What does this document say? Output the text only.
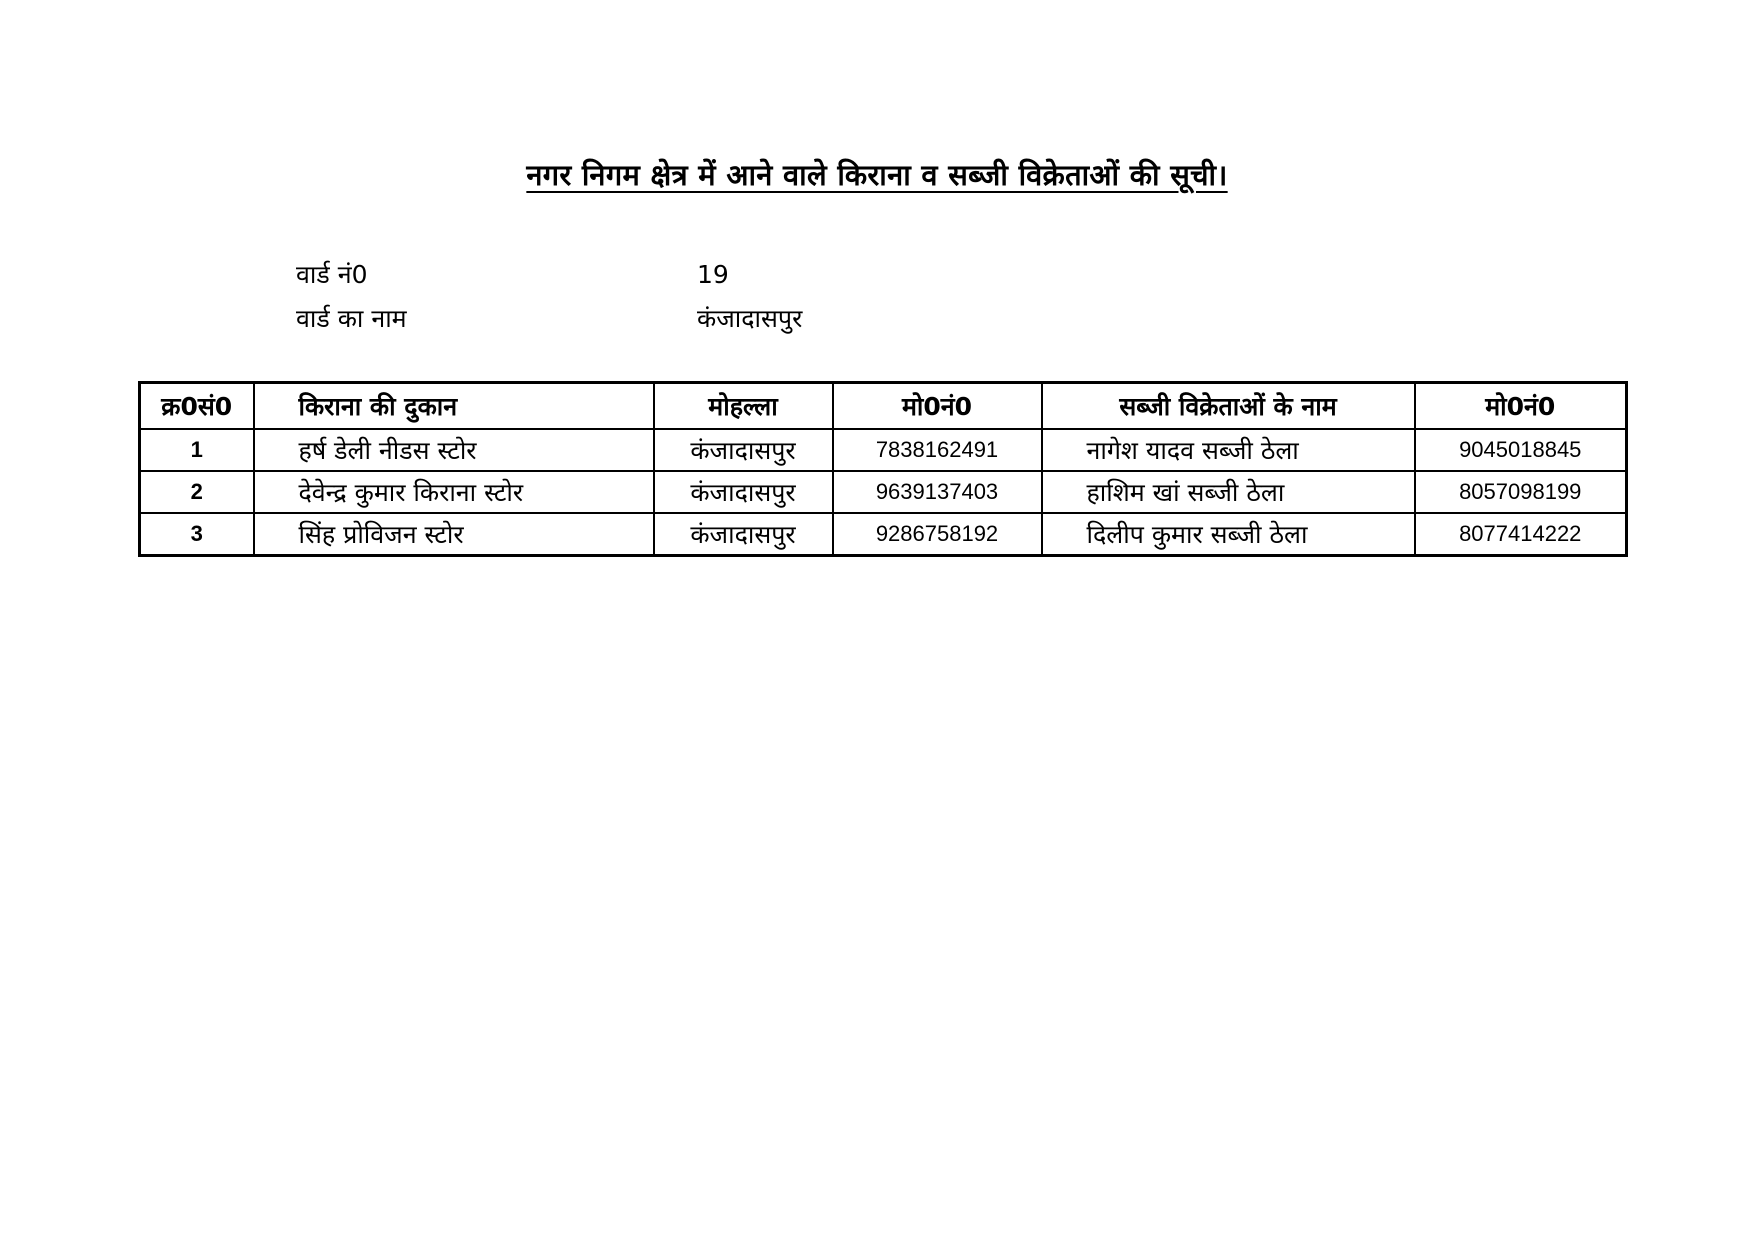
नगर निगम क्षेत्र में आने वाले किराना व सब्जी विक्रेताओं की सूची।
वार्ड नं0	19
वार्ड का नाम	कंजादासपुर
क्र0सं0	किराना की दुकान	मोहल्ला	मो0नं0	सब्जी विक्रेताओं के नाम	मो0नं0
1	हर्ष डेली नीडस स्टोर	कंजादासपुर	7838162491	नागेश यादव सब्जी ठेला	9045018845
2	देवेन्द्र कुमार किराना स्टोर	कंजादासपुर	9639137403	हाशिम खां सब्जी ठेला	8057098199
3	सिंह प्रोविजन स्टोर	कंजादासपुर	9286758192	दिलीप कुमार सब्जी ठेला	8077414222
